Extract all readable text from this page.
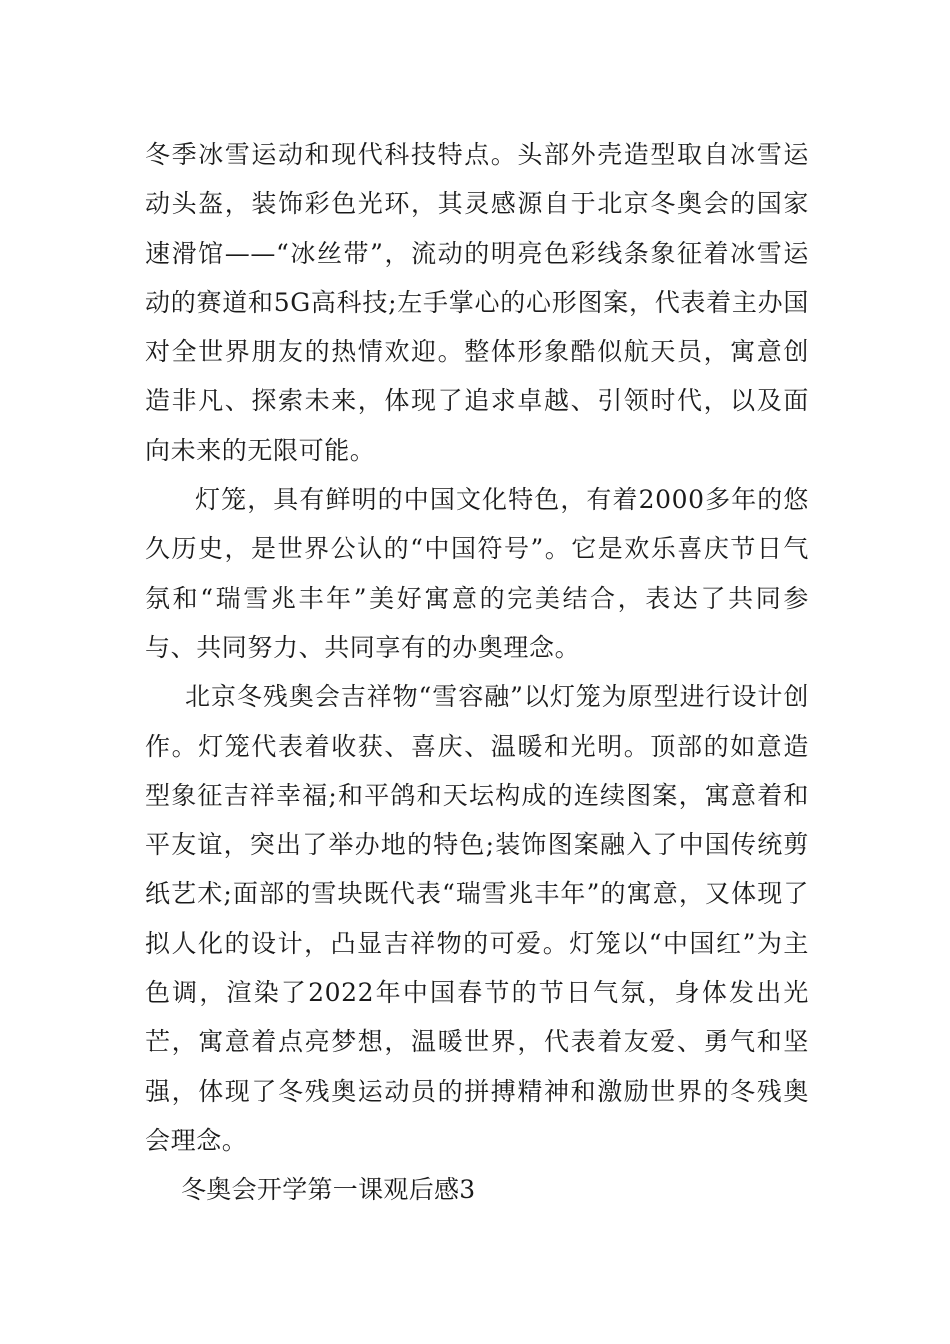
冬季冰雪运动和现代科技特点。头部外壳造型取自冰雪运动头盔，装饰彩色光环，其灵感源自于北京冬奥会的国家速滑馆——“冰丝带”，流动的明亮色彩线条象征着冰雪运动的赛道和5G高科技;左手掌心的心形图案，代表着主办国对全世界朋友的热情欢迎。整体形象酷似航天员，寓意创造非凡、探索未来，体现了追求卓越、引领时代，以及面向未来的无限可能。

灯笼，具有鲜明的中国文化特色，有着2000多年的悠久历史，是世界公认的“中国符号”。它是欢乐喜庆节日气氛和“瑞雪兆丰年”美好寓意的完美结合，表达了共同参与、共同努力、共同享有的办奥理念。

北京冬残奥会吉祥物“雪容融”以灯笼为原型进行设计创作。灯笼代表着收获、喜庆、温暖和光明。顶部的如意造型象征吉祥幸福;和平鸽和天坛构成的连续图案，寓意着和平友谊，突出了举办地的特色;装饰图案融入了中国传统剪纸艺术;面部的雪块既代表“瑞雪兆丰年”的寓意，又体现了拟人化的设计，凸显吉祥物的可爱。灯笼以“中国红”为主色调，渲染了2022年中国春节的节日气氛，身体发出光芒，寓意着点亮梦想，温暖世界，代表着友爱、勇气和坚强，体现了冬残奥运动员的拼搏精神和激励世界的冬残奥会理念。

冬奥会开学第一课观后感3
